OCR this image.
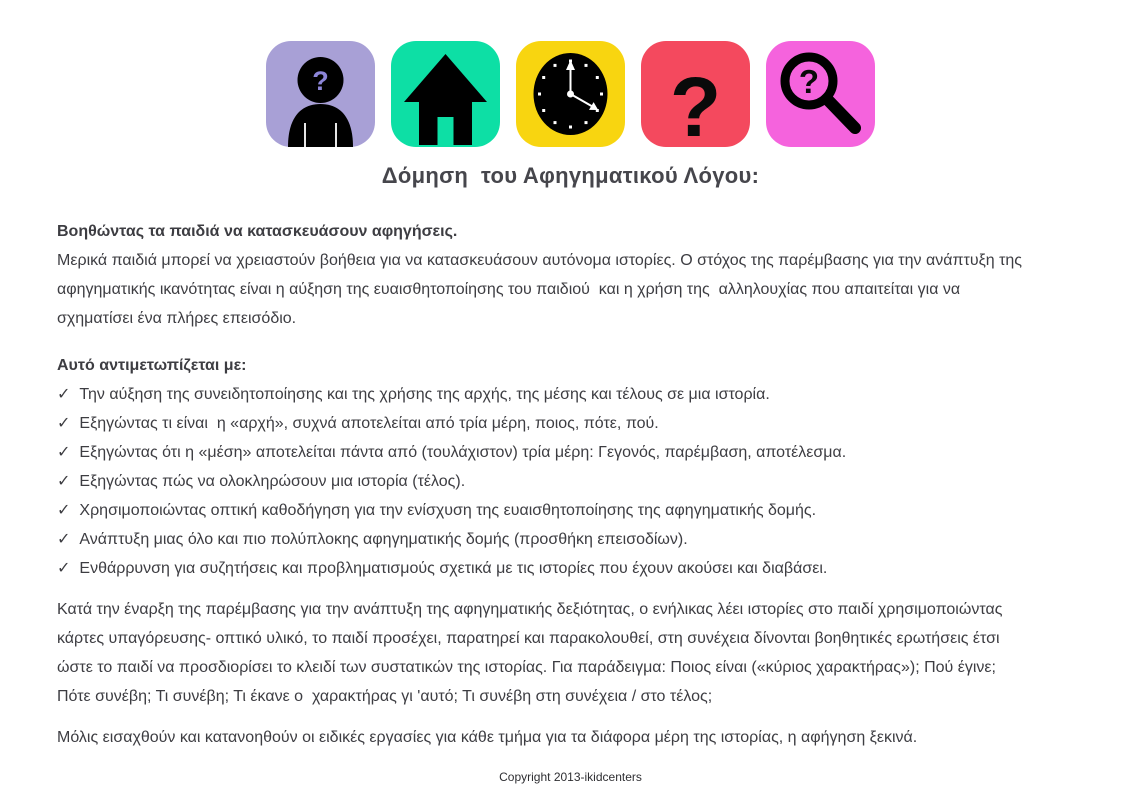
?	? ?
Δόμηση  του Αφηγηματικού Λόγου:

Βοηθώντας τα παιδιά να κατασκευάσουν αφηγήσεις.

Μερικά παιδιά μπορεί να χρειαστούν βοήθεια για να κατασκευάσουν αυτόνομα ιστορίες. Ο στόχος της παρέμβασης για την ανάπτυξη της αφηγηματικής ικανότητας είναι η αύξηση της ευαισθητοποίησης του παιδιού  και η χρήση της  αλληλουχίας που απαιτείται για να σχηματίσει ένα πλήρες επεισόδιο.

Αυτό αντιμετωπίζεται με:

✓ Την αύξηση της συνειδητοποίησης και της χρήσης της αρχής, της μέσης και τέλους σε μια ιστορία.
✓ Εξηγώντας τι είναι  η «αρχή», συχνά αποτελείται από τρία μέρη, ποιος, πότε, πού.
✓ Εξηγώντας ότι η «μέση» αποτελείται πάντα από (τουλάχιστον) τρία μέρη: Γεγονός, παρέμβαση, αποτέλεσμα.
✓ Εξηγώντας πώς να ολοκληρώσουν μια ιστορία (τέλος).
✓ Χρησιμοποιώντας οπτική καθοδήγηση για την ενίσχυση της ευαισθητοποίησης της αφηγηματικής δομής.
✓ Ανάπτυξη μιας όλο και πιο πολύπλοκης αφηγηματικής δομής (προσθήκη επεισοδίων).
✓ Ενθάρρυνση για συζητήσεις και προβληματισμούς σχετικά με τις ιστορίες που έχουν ακούσει και διαβάσει.

Κατά την έναρξη της παρέμβασης για την ανάπτυξη της αφηγηματικής δεξιότητας, ο ενήλικας λέει ιστορίες στο παιδί χρησιμοποιώντας κάρτες υπαγόρευσης- οπτικό υλικό, το παιδί προσέχει, παρατηρεί και παρακολουθεί, στη συνέχεια δίνονται βοηθητικές ερωτήσεις έτσι ώστε το παιδί να προσδιορίσει το κλειδί των συστατικών της ιστορίας. Για παράδειγμα: Ποιος είναι («κύριος χαρακτήρας»); Πού έγινε;
Πότε συνέβη; Τι συνέβη; Τι έκανε ο  χαρακτήρας γι 'αυτό; Τι συνέβη στη συνέχεια / στο τέλος;

Μόλις εισαχθούν και κατανοηθούν οι ειδικές εργασίες για κάθε τμήμα για τα διάφορα μέρη της ιστορίας, η αφήγηση ξεκινά.

Copyright 2013-ikidcenters
